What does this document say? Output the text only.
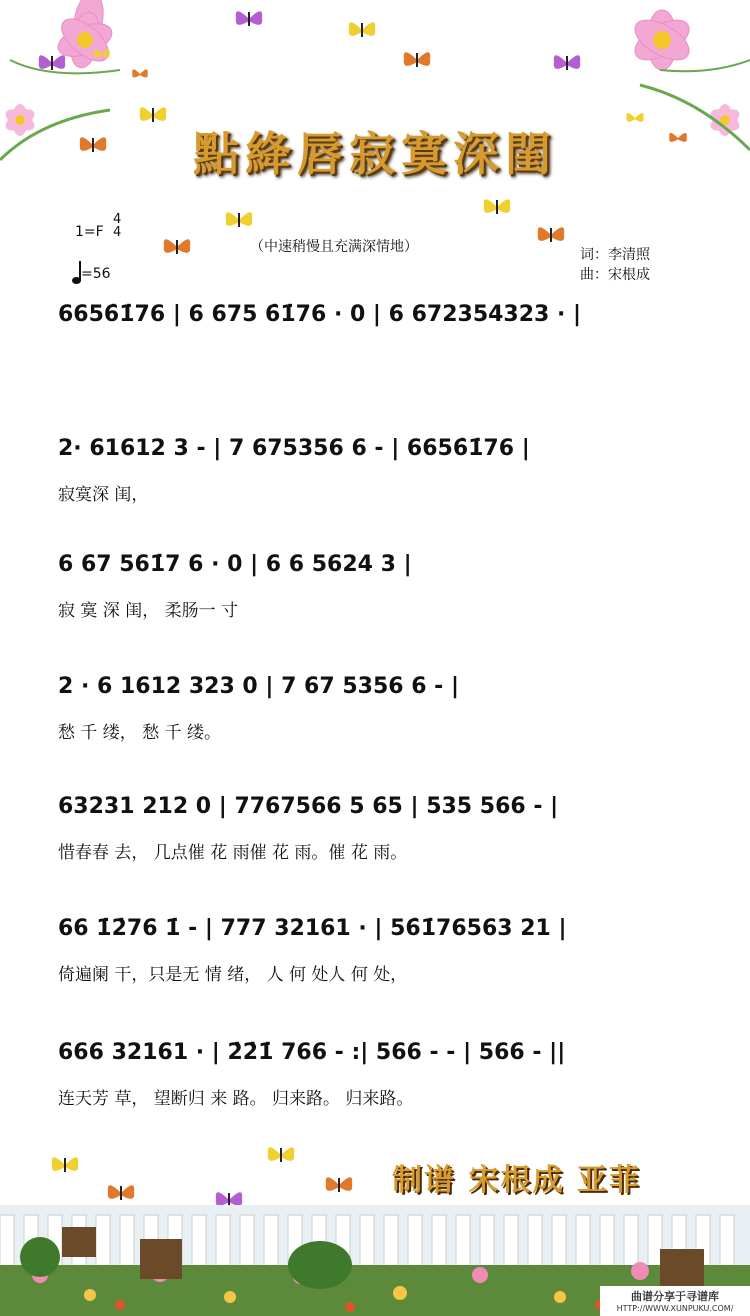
點絳唇寂寞深閨
1=F
4
4
=56
（中速稍慢且充满深情地）	词：李清照
曲：宋根成
6656̇1̇76 | 6 675 6̇1̇76 · 0 | 6 672354323 · |
2· 61612 3 - | 7 675356 6 - | 6656̇1̇76 |
寂寞深 闺，
6 67 561̇7 6 · 0 | 6 6 5624 3 |
寂 寞 深 闺， 柔肠一 寸
2 · 6 1612 323 0 | 7 67 5356 6 - |
愁 千 缕， 愁 千 缕。
63231 212 0 | 7767566 5 65 | 535 566 - |
惜春春 去， 几点催 花 雨催 花 雨。催 花 雨。
66 1̇2̇76 1̇ - | 777 32161 · | 56̇1̇76563 21 |
倚遍阑 干，只是无 情 绪， 人 何 处人 何 处，
666 32161 · | 2̇2̇1̇ 766 - :| 566 - - | 566 - ||
连天芳 草， 望断归 来 路。 归来路。 归来路。
制谱 宋根成 亚菲
曲谱分享于寻谱库
HTTP://WWW.XUNPUKU.COM/
